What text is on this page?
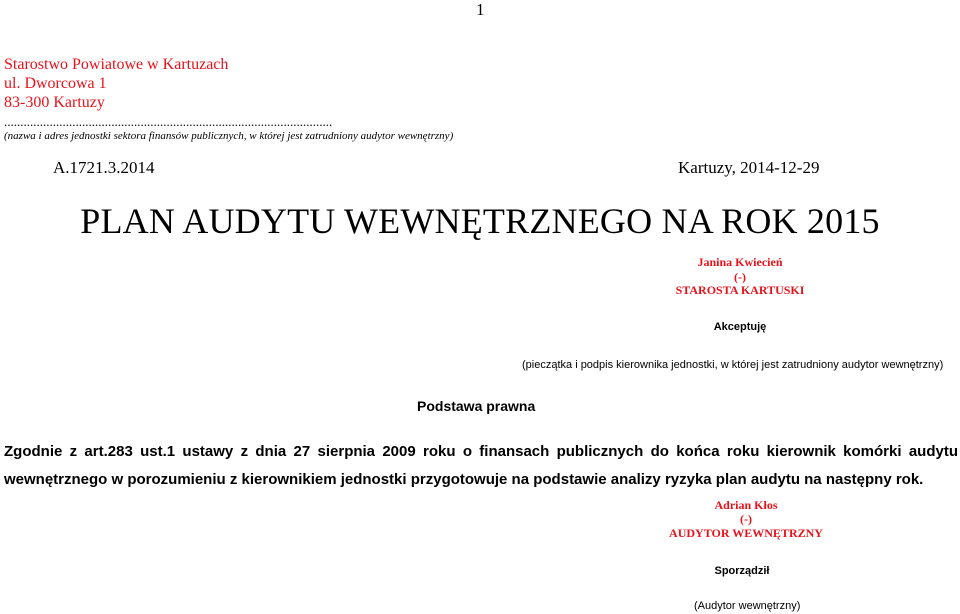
1
Starostwo Powiatowe w Kartuzach
ul. Dworcowa 1
83-300 Kartuzy
.....................................................................................................
(nazwa i adres jednostki sektora finansów publicznych, w której jest zatrudniony audytor wewnętrzny)
A.1721.3.2014	Kartuzy, 2014-12-29
PLAN AUDYTU WEWNĘTRZNEGO NA ROK 2015
Janina Kwiecień
(-)
STAROSTA KARTUSKI
Akceptuję
(pieczątka i podpis kierownika jednostki, w której jest zatrudniony audytor wewnętrzny)
Podstawa prawna
Zgodnie z art.283 ust.1 ustawy z dnia 27 sierpnia 2009 roku o finansach publicznych do końca roku kierownik komórki audytu
wewnętrznego w porozumieniu z kierownikiem jednostki przygotowuje na podstawie analizy ryzyka plan audytu na następny rok.
Adrian Kłos
(-)
AUDYTOR WEWNĘTRZNY
Sporządził
(Audytor wewnętrzny)
